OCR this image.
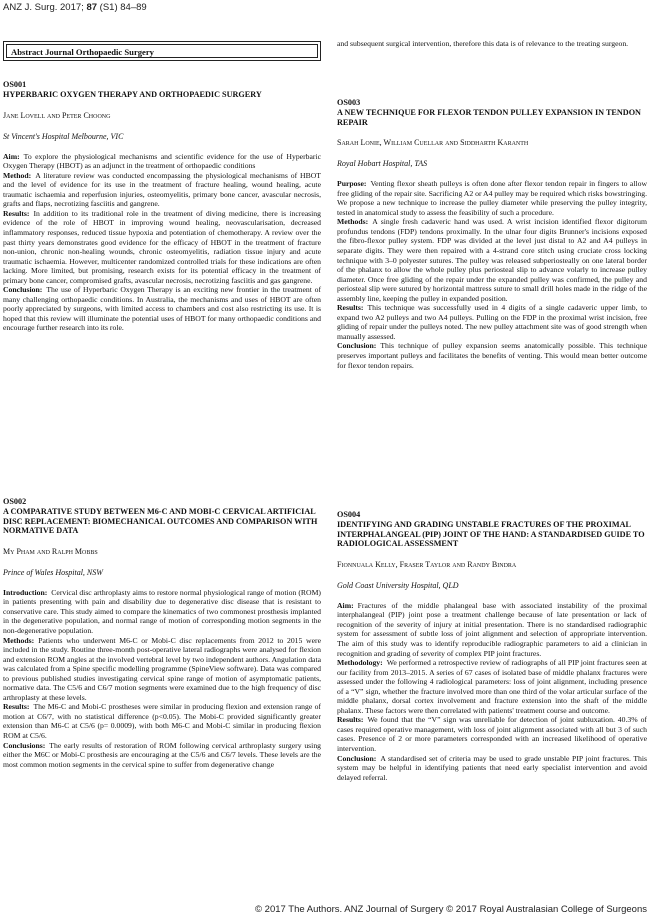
ANZ J. Surg. 2017; 87 (S1) 84–89
Abstract Journal Orthopaedic Surgery
OS001
HYPERBARIC OXYGEN THERAPY AND ORTHOPAEDIC SURGERY
Jane Lovell and Peter Choong
St Vincent's Hospital Melbourne, VIC

Aim: To explore the physiological mechanisms and scientific evidence for the use of Hyperbaric Oxygen Therapy (HBOT) as an adjunct in the treatment of orthopaedic conditions

Method: A literature review was conducted encompassing the physiological mechanisms of HBOT and the level of evidence for its use in the treatment of fracture healing, wound healing, acute traumatic ischaemia and reperfusion injuries, osteomyelitis, primary bone cancer, avascular necrosis, grafts and flaps, necrotizing fasciitis and gangrene.

Results: In addition to its traditional role in the treatment of diving medicine, there is increasing evidence of the role of HBOT in improving wound healing, neovascularisation, decreased inflammatory responses, reduced tissue hypoxia and potentiation of chemotherapy. A review over the past thirty years demonstrates good evidence for the efficacy of HBOT in the treatment of fracture non-union, chronic non-healing wounds, chronic osteomyelitis, radiation tissue injury and acute traumatic ischaemia. However, multicenter randomized controlled trials for these indications are often lacking. More limited, but promising, research exists for its potential efficacy in the treatment of primary bone cancer, compromised grafts, avascular necrosis, necrotizing fasciitis and gas gangrene.

Conclusion: The use of Hyperbaric Oxygen Therapy is an exciting new frontier in the treatment of many challenging orthopaedic conditions. In Australia, the mechanisms and uses of HBOT are often poorly appreciated by surgeons, with limited access to chambers and cost also restricting its use. It is hoped that this review will illuminate the potential uses of HBOT for many orthopaedic conditions and encourage further research into its role.

OS002
A COMPARATIVE STUDY BETWEEN M6-C AND MOBI-C CERVICAL ARTIFICIAL DISC REPLACEMENT: BIOMECHANICAL OUTCOMES AND COMPARISON WITH NORMATIVE DATA
My Pham and Ralph Mobbs
Prince of Wales Hospital, NSW

Introduction: Cervical disc arthroplasty aims to restore normal physiological range of motion (ROM) in patients presenting with pain and disability due to degenerative disc disease that is resistant to conservative care. This study aimed to compare the kinematics of two commonest prosthesis implanted in the degenerative population, and normal range of motion of corresponding motion segments in the non-degenerative population.

Methods: Patients who underwent M6-C or Mobi-C disc replacements from 2012 to 2015 were included in the study. Routine three-month post-operative lateral radiographs were analysed for flexion and extension ROM angles at the involved vertebral level by two independent authors. Angulation data was calculated from a Spine specific modelling programme (SpineView software). Data was compared to previous published studies investigating cervical spine range of motion of asymptomatic patients, normative data. The C5/6 and C6/7 motion segments were examined due to the high frequency of disc arthroplasty at these levels.

Results: The M6-C and Mobi-C prostheses were similar in producing flexion and extension range of motion at C6/7, with no statistical difference (p<0.05). The Mobi-C provided significantly greater extension than M6-C at C5/6 (p= 0.0009), with both M6-C and Mobi-C similar in producing flexion ROM at C5/6.

Conclusions: The early results of restoration of ROM following cervical arthroplasty surgery using either the M6C or Mobi-C prosthesis are encouraging at the C5/6 and C6/7 levels. These levels are the most common motion segments in the cervical spine to suffer from degenerative change

and subsequent surgical intervention, therefore this data is of relevance to the treating surgeon.

OS003
A NEW TECHNIQUE FOR FLEXOR TENDON PULLEY EXPANSION IN TENDON REPAIR
Sarah Lonie, William Cuellar and Siddharth Karanth
Royal Hobart Hospital, TAS

Purpose: Venting flexor sheath pulleys is often done after flexor tendon repair in fingers to allow free gliding of the repair site. Sacrificing A2 or A4 pulley may be required which risks bowstringing. We propose a new technique to increase the pulley diameter while preserving the pulley integrity, tested in anatomical study to assess the feasibility of such a procedure.

Methods: A single fresh cadaveric hand was used. A wrist incision identified flexor digitorum profundus tendons (FDP) tendons proximally. In the ulnar four digits Brunner's incisions exposed the fibro-flexor pulley system. FDP was divided at the level just distal to A2 and A4 pulleys in separate digits. They were then repaired with a 4-strand core stitch using cruciate cross locking technique with 3–0 polyester sutures. The pulley was released subperiosteally on one lateral border of the phalanx to allow the whole pulley plus periosteal slip to advance volarly to increase pulley diameter. Once free gliding of the repair under the expanded pulley was confirmed, the pulley and periosteal slip were sutured by horizontal mattress suture to small drill holes made in the ridge of the assembly line, keeping the pulley in expanded position.

Results: This technique was successfully used in 4 digits of a single cadaveric upper limb, to expand two A2 pulleys and two A4 pulleys. Pulling on the FDP in the proximal wrist incision, free gliding of repair under the pulleys noted. The new pulley attachment site was of good strength when manually assessed.

Conclusion: This technique of pulley expansion seems anatomically possible. This technique preserves important pulleys and facilitates the benefits of venting. This would mean better outcome for flexor tendon repairs.

OS004
IDENTIFYING AND GRADING UNSTABLE FRACTURES OF THE PROXIMAL INTERPHALANGEAL (PIP) JOINT OF THE HAND: A STANDARDISED GUIDE TO RADIOLOGICAL ASSESSMENT
Fionnuala Kelly, Fraser Taylor and Randy Bindra
Gold Coast University Hospital, QLD

Aim: Fractures of the middle phalangeal base with associated instability of the proximal interphalangeal (PIP) joint pose a treatment challenge because of late presentation or lack of recognition of the severity of injury at initial presentation. There is no standardised radiographic system for assessment of subtle loss of joint alignment and selection of appropriate intervention. The aim of this study was to identify reproducible radiographic parameters to aid a clinician in recognition and grading of severity of complex PIP joint fractures.

Methodology: We performed a retrospective review of radiographs of all PIP joint fractures seen at our facility from 2013–2015. A series of 67 cases of isolated base of middle phalanx fractures were assessed under the following 4 radiological parameters: loss of joint alignment, including presence of a “V” sign, whether the fracture involved more than one third of the volar articular surface of the middle phalanx, dorsal cortex involvement and fracture extension into the shaft of the middle phalanx. These factors were then correlated with patients' treatment course and outcome.

Results: We found that the “V” sign was unreliable for detection of joint subluxation. 40.3% of cases required operative management, with loss of joint alignment associated with all but 3 of such cases. Presence of 2 or more parameters corresponded with an increased likelihood of operative intervention.

Conclusion: A standardised set of criteria may be used to grade unstable PIP joint fractures. This system may be helpful in identifying patients that need early specialist intervention and avoid delayed referral.

© 2017 The Authors. ANZ Journal of Surgery © 2017 Royal Australasian College of Surgeons
